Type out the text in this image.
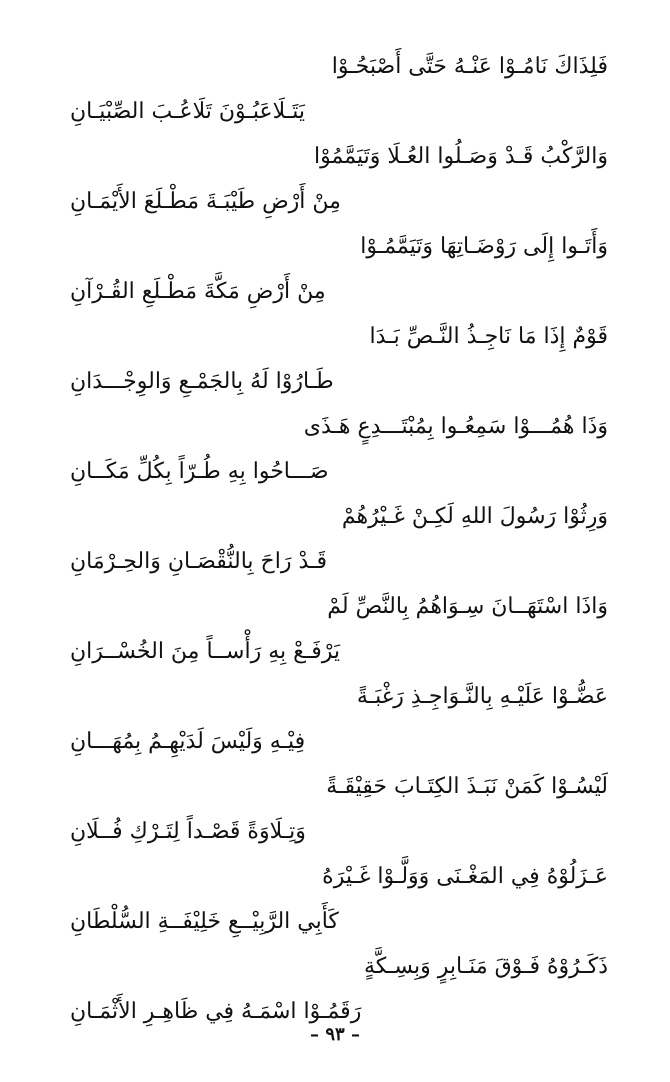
فَلِذَاكَ نَامُـوْا عَنْـهُ حَتَّى أَصْبَحُـوْا
يَتَـلَاعَبُـوْنَ تَلَاعُـبَ الصِّبْيَـانِ
وَالرَّكْبُ قَـدْ وَصَـلُوا العُـلَا وَتَيَمَّمُوْا
مِنْ أَرْضِ طَيْبَـةَ مَطْـلَعَ الأَيْمَـانِ
وَأَتَـوا إِلَى رَوْضَـاتِهَا وَتَيَمَّمُـوْا
مِنْ أَرْضِ مَكَّةَ مَطْـلَعِ القُـرْآنِ
قَوْمٌ إِذَا مَا نَاجِـذُ النَّـصِّ بَـدَا
طَـارُوْا لَهُ بِالجَمْـعِ وَالوِجْـــدَانِ
وَذَا هُمُـــوْا سَمِعُـوا بِمُبْتَـــدِعٍ هَـذَى
صَـــاحُوا بِهِ طُـرّاً بِكُلِّ مَكَــانِ
وَرِثُوْا رَسُولَ اللهِ لَكِـنْ غَـيْرُهُمْ
قَـدْ رَاحَ بِالنُّقْصَـانِ وَالحِـرْمَانِ
وَاذَا اسْتَهَــانَ سِـوَاهُمُ بِالنَّصِّ لَمْ
يَرْفَـعْ بِهِ رَأْســاً مِنَ الخُسْــرَانِ
عَضُّـوْا عَلَيْـهِ بِالنَّـوَاجِـذِ رَغْبَـةً
فِيْـهِ وَلَيْسَ لَدَيْهِـمُ بِمُهَـــانِ
لَيْسُـوْا كَمَنْ نَبَـذَ الكِتَـابَ حَقِيْقَـةً
وَتِـلَاوَةً قَصْـداً لِتَـرْكِ فُــلَانِ
عَـزَلُوْهُ فِي المَغْـنَى وَوَلَّـوْا غَـيْرَهُ
كَأَبِي الرَّبِيْــعِ خَلِيْفَــةِ السُّلْطَانِ
ذَكَـرُوْهُ فَـوْقَ مَنَـابِرٍ وَبِسِـكَّةٍ
رَقَمُـوْا اسْمَـهُ فِي ظَاهِـرِ الأَثْمَـانِ
– ٩٣ –
